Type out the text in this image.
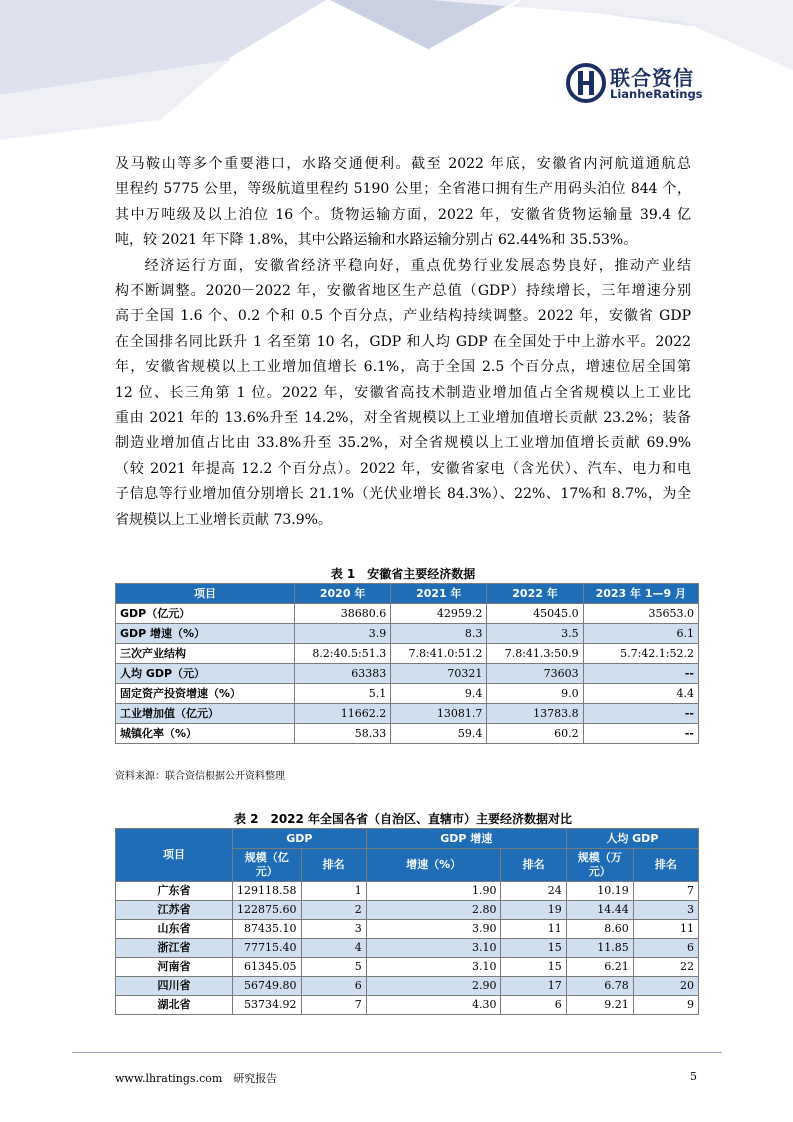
联合资信
LianheRatings

及马鞍山等多个重要港口，水路交通便利。截至 2022 年底，安徽省内河航道通航总

里程约 5775 公里，等级航道里程约 5190 公里；全省港口拥有生产用码头泊位 844 个，

其中万吨级及以上泊位 16 个。货物运输方面，2022 年，安徽省货物运输量 39.4 亿

吨，较 2021 年下降 1.8%，其中公路运输和水路运输分别占 62.44%和 35.53%。

经济运行方面，安徽省经济平稳向好，重点优势行业发展态势良好，推动产业结

构不断调整。2020－2022 年，安徽省地区生产总值（GDP）持续增长，三年增速分别

高于全国 1.6 个、0.2 个和 0.5 个百分点，产业结构持续调整。2022 年，安徽省 GDP

在全国排名同比跃升 1 名至第 10 名，GDP 和人均 GDP 在全国处于中上游水平。2022

年，安徽省规模以上工业增加值增长 6.1%，高于全国 2.5 个百分点，增速位居全国第

12 位、长三角第 1 位。2022 年，安徽省高技术制造业增加值占全省规模以上工业比

重由 2021 年的 13.6%升至 14.2%，对全省规模以上工业增加值增长贡献 23.2%；装备

制造业增加值占比由 33.8%升至 35.2%，对全省规模以上工业增加值增长贡献 69.9%

（较 2021 年提高 12.2 个百分点）。2022 年，安徽省家电（含光伏）、汽车、电力和电

子信息等行业增加值分别增长 21.1%（光伏业增长 84.3%）、22%、17%和 8.7%，为全

省规模以上工业增长贡献 73.9%。

表 1　安徽省主要经济数据
项目	2020 年	2021 年	2022 年	2023 年 1—9 月
GDP（亿元）	38680.6	42959.2	45045.0	35653.0
GDP 增速（%）	3.9	8.3	3.5	6.1
三次产业结构	8.2:40.5:51.3	7.8:41.0:51.2	7.8:41.3:50.9	5.7:42.1:52.2
人均 GDP（元）	63383	70321	73603	--
固定资产投资增速（%）	5.1	9.4	9.0	4.4
工业增加值（亿元）	11662.2	13081.7	13783.8	--
城镇化率（%）	58.33	59.4	60.2	--
资料来源：联合资信根据公开资料整理
表 2　2022 年全国各省（自治区、直辖市）主要经济数据对比
项目	GDP		GDP 增速		人均 GDP	
	规模（亿元）	排名	增速（%）	排名	规模（万元）	排名
广东省	129118.58	1	1.90	24	10.19	7
江苏省	122875.60	2	2.80	19	14.44	3
山东省	87435.10	3	3.90	11	8.60	11
浙江省	77715.40	4	3.10	15	11.85	6
河南省	61345.05	5	3.10	15	6.21	22
四川省	56749.80	6	2.90	17	6.78	20
湖北省	53734.92	7	4.30	6	9.21	9
www.lhratings.com　研究报告	5
